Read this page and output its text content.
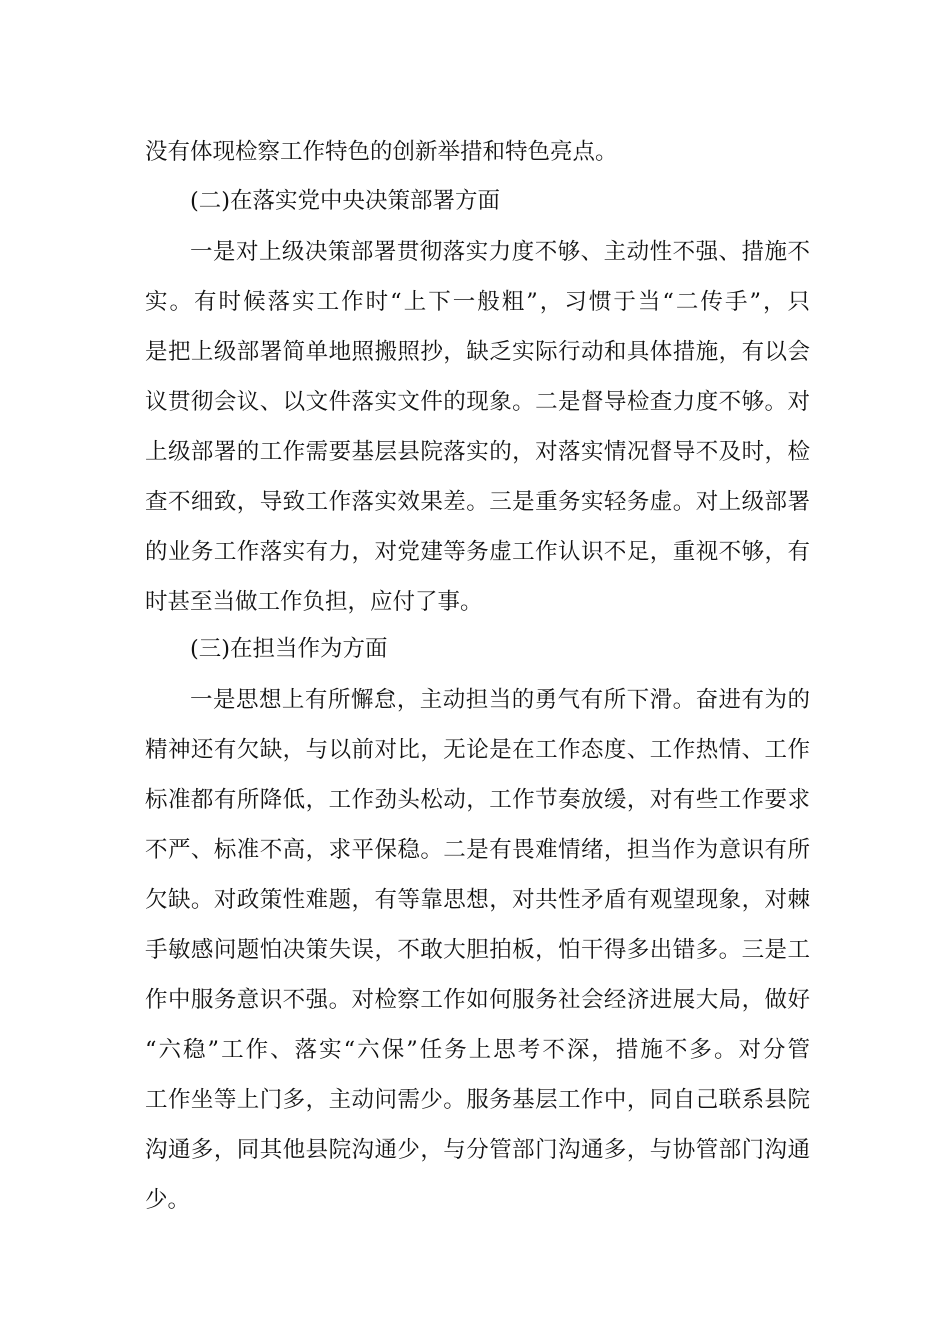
没有体现检察工作特色的创新举措和特色亮点。
(二)在落实党中央决策部署方面
一是对上级决策部署贯彻落实力度不够、主动性不强、措施不
实。有时候落实工作时“上下一般粗”，习惯于当“二传手”，只
是把上级部署简单地照搬照抄，缺乏实际行动和具体措施，有以会
议贯彻会议、以文件落实文件的现象。二是督导检查力度不够。对
上级部署的工作需要基层县院落实的，对落实情况督导不及时，检
查不细致，导致工作落实效果差。三是重务实轻务虚。对上级部署
的业务工作落实有力，对党建等务虚工作认识不足，重视不够，有
时甚至当做工作负担，应付了事。
(三)在担当作为方面
一是思想上有所懈怠，主动担当的勇气有所下滑。奋进有为的
精神还有欠缺，与以前对比，无论是在工作态度、工作热情、工作
标准都有所降低，工作劲头松动，工作节奏放缓，对有些工作要求
不严、标准不高，求平保稳。二是有畏难情绪，担当作为意识有所
欠缺。对政策性难题，有等靠思想，对共性矛盾有观望现象，对棘
手敏感问题怕决策失误，不敢大胆拍板，怕干得多出错多。三是工
作中服务意识不强。对检察工作如何服务社会经济进展大局，做好
“六稳”工作、落实“六保”任务上思考不深，措施不多。对分管
工作坐等上门多，主动问需少。服务基层工作中，同自己联系县院
沟通多，同其他县院沟通少，与分管部门沟通多，与协管部门沟通
少。
